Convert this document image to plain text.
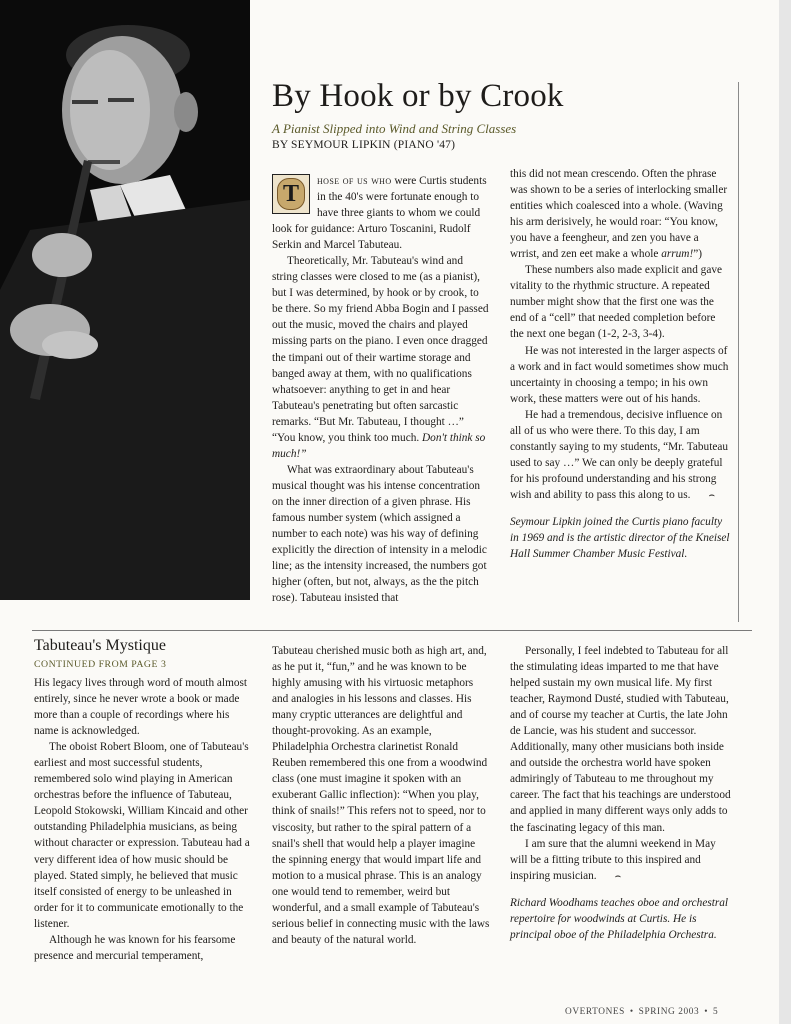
By Hook or by Crook
A Pianist Slipped into Wind and String Classes
BY SEYMOUR LIPKIN (PIANO '47)

T	hose of us who were Curtis students in the 40's were fortunate enough to have three giants to whom we could look for guidance: Arturo Toscanini, Rudolf Serkin and Marcel Tabuteau.

Theoretically, Mr. Tabuteau's wind and string classes were closed to me (as a pianist), but I was determined, by hook or by crook, to be there. So my friend Abba Bogin and I passed out the music, moved the chairs and played missing parts on the piano. I even once dragged the timpani out of their wartime storage and banged away at them, with no qualifications whatsoever: anything to get in and hear Tabuteau's penetrating but often sarcastic remarks. “But Mr. Tabuteau, I thought …” “You know, you think too much. Don't think so much!”

What was extraordinary about Tabuteau's musical thought was his intense concentration on the inner direction of a given phrase. His famous number system (which assigned a number to each note) was his way of defining explicitly the direction of intensity in a melodic line; as the intensity increased, the numbers got higher (often, but not, always, as the the pitch rose). Tabuteau insisted that

this did not mean crescendo. Often the phrase was shown to be a series of interlocking smaller entities which coalesced into a whole. (Waving his arm derisively, he would roar: “You know, you have a feengheur, and zen you have a wrrist, and zen eet make a whole arrum!”)

These numbers also made explicit and gave vitality to the rhythmic structure. A repeated number might show that the first one was the end of a “cell” that needed completion before the next one began (1-2, 2-3, 3-4).

He was not interested in the larger aspects of a work and in fact would sometimes show much uncertainty in choosing a tempo; in his own work, these matters were out of his hands.

He had a tremendous, decisive influence on all of us who were there. To this day, I am constantly saying to my students, “Mr. Tabuteau used to say …” We can only be deeply grateful for his profound understanding and his strong wish and ability to pass this along to us. ⌢

Seymour Lipkin joined the Curtis piano faculty in 1969 and is the artistic director of the Kneisel Hall Summer Chamber Music Festival.

Tabuteau's Mystique
CONTINUED FROM PAGE 3

His legacy lives through word of mouth almost entirely, since he never wrote a book or made more than a couple of recordings where his name is acknowledged.

The oboist Robert Bloom, one of Tabuteau's earliest and most successful students, remembered solo wind playing in American orchestras before the influence of Tabuteau, Leopold Stokowski, William Kincaid and other outstanding Philadelphia musicians, as being without character or expression. Tabuteau had a very different idea of how music should be played. Stated simply, he believed that music itself consisted of energy to be unleashed in order for it to communicate emotionally to the listener.

Although he was known for his fearsome presence and mercurial temperament,

Tabuteau cherished music both as high art, and, as he put it, “fun,” and he was known to be highly amusing with his virtuosic metaphors and analogies in his lessons and classes. His many cryptic utterances are delightful and thought-provoking. As an example, Philadelphia Orchestra clarinetist Ronald Reuben remembered this one from a woodwind class (one must imagine it spoken with an exuberant Gallic inflection): “When you play, think of snails!” This refers not to speed, nor to viscosity, but rather to the spiral pattern of a snail's shell that would help a player imagine the spinning energy that would impart life and motion to a musical phrase. This is an analogy one would tend to remember, weird but wonderful, and a small example of Tabuteau's serious belief in connecting music with the laws and beauty of the natural world.

Personally, I feel indebted to Tabuteau for all the stimulating ideas imparted to me that have helped sustain my own musical life. My first teacher, Raymond Dusté, studied with Tabuteau, and of course my teacher at Curtis, the late John de Lancie, was his student and successor. Additionally, many other musicians both inside and outside the orchestra world have spoken admiringly of Tabuteau to me throughout my career. The fact that his teachings are understood and applied in many different ways only adds to the fascinating legacy of this man.

I am sure that the alumni weekend in May will be a fitting tribute to this inspired and inspiring musician. ⌢

Richard Woodhams teaches oboe and orchestral repertoire for woodwinds at Curtis. He is principal oboe of the Philadelphia Orchestra.

OVERTONES • SPRING 2003 • 5
